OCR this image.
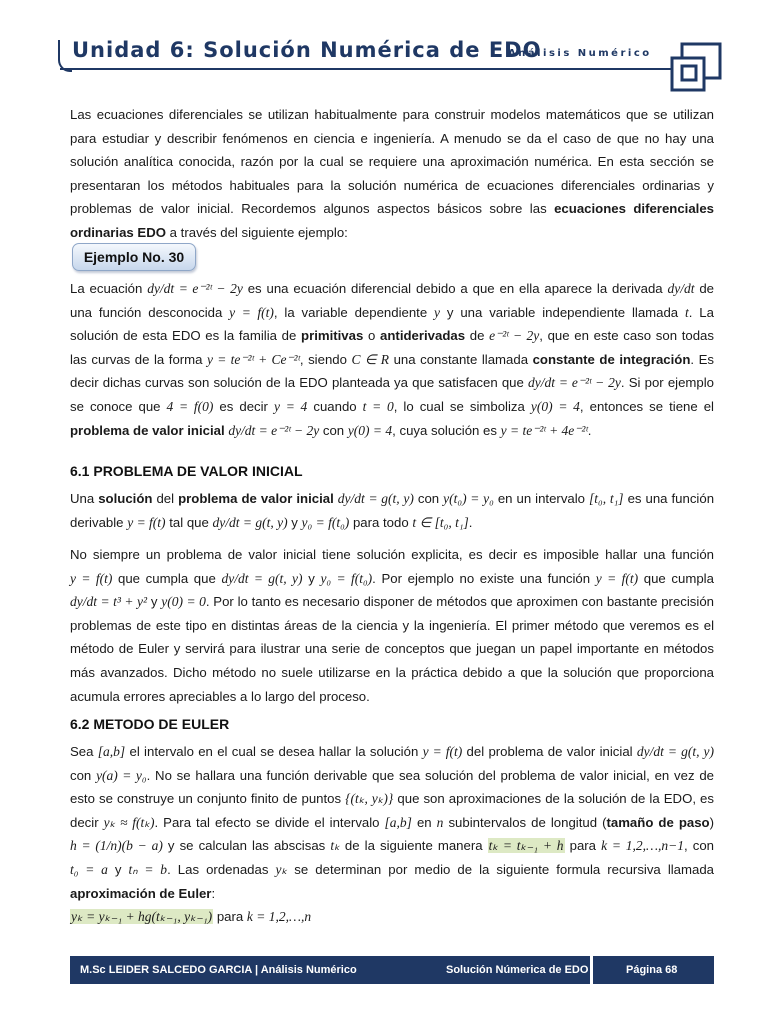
Unidad 6: Solución Numérica de EDO
Análisis Numérico

Las ecuaciones diferenciales se utilizan habitualmente para construir modelos matemáticos que se utilizan para estudiar y describir fenómenos en ciencia e ingeniería. A menudo se da el caso de que no hay una solución analítica conocida, razón por la cual se requiere una aproximación numérica. En esta sección se presentaran los métodos habituales para la solución numérica de ecuaciones diferenciales ordinarias y problemas de valor inicial. Recordemos algunos aspectos básicos sobre las ecuaciones diferenciales ordinarias EDO a través del siguiente ejemplo:

Ejemplo No. 30

La ecuación dy/dt = e⁻²ᵗ − 2y es una ecuación diferencial debido a que en ella aparece la derivada dy/dt de una función desconocida y = f(t), la variable dependiente y y una variable independiente llamada t. La solución de esta EDO es la familia de primitivas o antiderivadas de e⁻²ᵗ − 2y, que en este caso son todas las curvas de la forma y = te⁻²ᵗ + Ce⁻²ᵗ, siendo C ∈ R una constante llamada constante de integración. Es decir dichas curvas son solución de la EDO planteada ya que satisfacen que dy/dt = e⁻²ᵗ − 2y. Si por ejemplo se conoce que 4 = f(0) es decir y = 4 cuando t = 0, lo cual se simboliza y(0) = 4, entonces se tiene el problema de valor inicial dy/dt = e⁻²ᵗ − 2y con y(0) = 4, cuya solución es y = te⁻²ᵗ + 4e⁻²ᵗ.

6.1 PROBLEMA DE VALOR INICIAL

Una solución del problema de valor inicial dy/dt = g(t, y) con y(t₀) = y₀ en un intervalo [t₀, t₁] es una función derivable y = f(t) tal que dy/dt = g(t, y) y y₀ = f(t₀) para todo t ∈ [t₀, t₁].

No siempre un problema de valor inicial tiene solución explicita, es decir es imposible hallar una función y = f(t) que cumpla que dy/dt = g(t, y) y y₀ = f(t₀). Por ejemplo no existe una función y = f(t) que cumpla dy/dt = t³ + y² y y(0) = 0. Por lo tanto es necesario disponer de métodos que aproximen con bastante precisión problemas de este tipo en distintas áreas de la ciencia y la ingeniería. El primer método que veremos es el método de Euler y servirá para ilustrar una serie de conceptos que juegan un papel importante en métodos más avanzados. Dicho método no suele utilizarse en la práctica debido a que la solución que proporciona acumula errores apreciables a lo largo del proceso.

6.2 METODO DE EULER

Sea [a,b] el intervalo en el cual se desea hallar la solución y = f(t) del problema de valor inicial dy/dt = g(t, y) con y(a) = y₀. No se hallara una función derivable que sea solución del problema de valor inicial, en vez de esto se construye un conjunto finito de puntos {(tₖ, yₖ)} que son aproximaciones de la solución de la EDO, es decir yₖ ≈ f(tₖ). Para tal efecto se divide el intervalo [a,b] en n subintervalos de longitud (tamaño de paso) h = (1/n)(b − a) y se calculan las abscisas tₖ de la siguiente manera tₖ = tₖ₋₁ + h para k = 1,2,…,n−1, con t₀ = a y tₙ = b. Las ordenadas yₖ se determinan por medio de la siguiente formula recursiva llamada aproximación de Euler:
yₖ = yₖ₋₁ + hg(tₖ₋₁, yₖ₋₁) para k = 1,2,…,n

M.Sc LEIDER SALCEDO GARCIA | Análisis Numérico	Solución Númerica de EDO	Página 68
